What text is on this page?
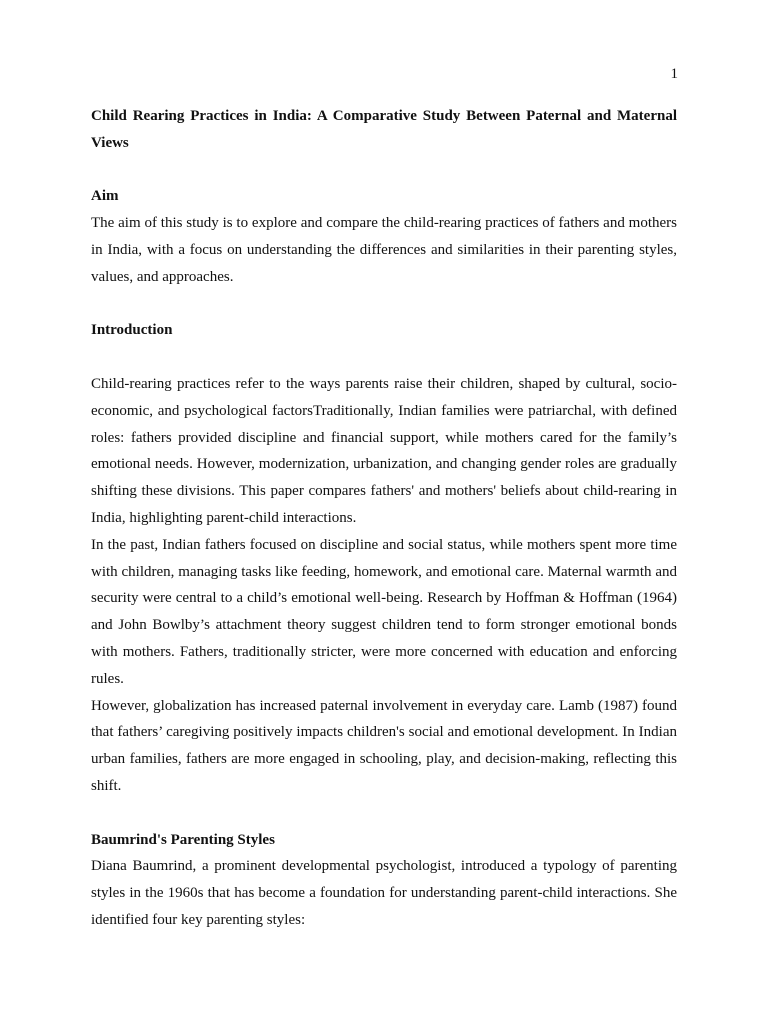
1

Child Rearing Practices in India: A Comparative Study Between Paternal and Maternal Views

Aim

The aim of this study is to explore and compare the child-rearing practices of fathers and mothers in India, with a focus on understanding the differences and similarities in their parenting styles, values, and approaches.

Introduction

Child-rearing practices refer to the ways parents raise their children, shaped by cultural, socio-economic, and psychological factorsTraditionally, Indian families were patriarchal, with defined roles: fathers provided discipline and financial support, while mothers cared for the family’s emotional needs. However, modernization, urbanization, and changing gender roles are gradually shifting these divisions. This paper compares fathers' and mothers' beliefs about child-rearing in India, highlighting parent-child interactions.

In the past, Indian fathers focused on discipline and social status, while mothers spent more time with children, managing tasks like feeding, homework, and emotional care. Maternal warmth and security were central to a child’s emotional well-being. Research by Hoffman & Hoffman (1964) and John Bowlby’s attachment theory suggest children tend to form stronger emotional bonds with mothers. Fathers, traditionally stricter, were more concerned with education and enforcing rules.

However, globalization has increased paternal involvement in everyday care. Lamb (1987) found that fathers’ caregiving positively impacts children's social and emotional development. In Indian urban families, fathers are more engaged in schooling, play, and decision-making, reflecting this shift.

Baumrind's Parenting Styles

Diana Baumrind, a prominent developmental psychologist, introduced a typology of parenting styles in the 1960s that has become a foundation for understanding parent-child interactions. She identified four key parenting styles:
